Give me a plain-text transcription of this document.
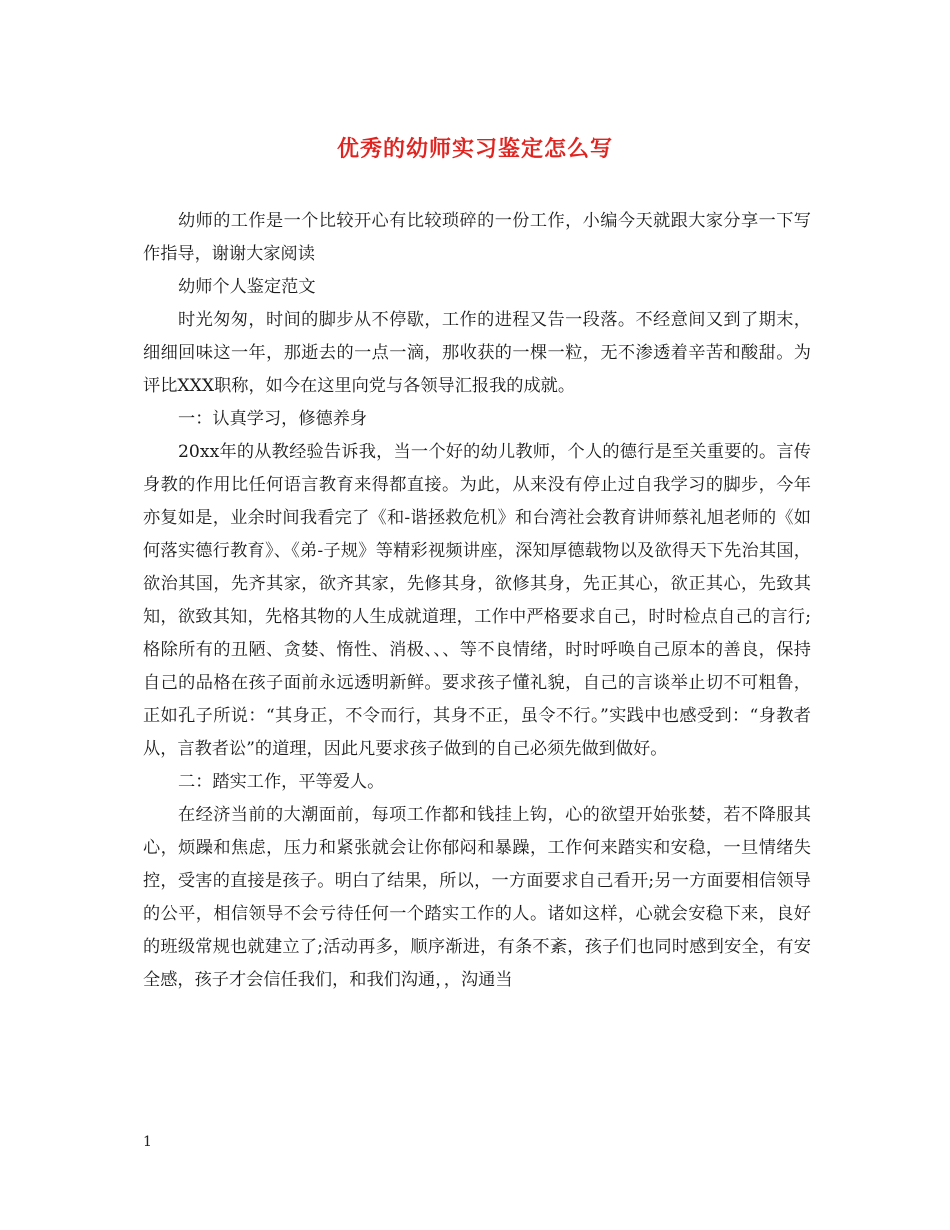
优秀的幼师实习鉴定怎么写

幼师的工作是一个比较开心有比较琐碎的一份工作，小编今天就跟大家分享一下写作指导，谢谢大家阅读

幼师个人鉴定范文

时光匆匆，时间的脚步从不停歇，工作的进程又告一段落。不经意间又到了期末，细细回味这一年，那逝去的一点一滴，那收获的一棵一粒，无不渗透着辛苦和酸甜。为评比XXX职称，如今在这里向党与各领导汇报我的成就。

一：认真学习，修德养身

20xx年的从教经验告诉我，当一个好的幼儿教师，个人的德行是至关重要的。言传身教的作用比任何语言教育来得都直接。为此，从来没有停止过自我学习的脚步，今年亦复如是，业余时间我看完了《和-谐拯救危机》和台湾社会教育讲师蔡礼旭老师的《如何落实德行教育》、《弟-子规》等精彩视频讲座，深知厚德载物以及欲得天下先治其国，欲治其国，先齐其家，欲齐其家，先修其身，欲修其身，先正其心，欲正其心，先致其知，欲致其知，先格其物的人生成就道理，工作中严格要求自己，时时检点自己的言行;格除所有的丑陋、贪婪、惰性、消极、、、等不良情绪，时时呼唤自己原本的善良，保持自己的品格在孩子面前永远透明新鲜。要求孩子懂礼貌，自己的言谈举止切不可粗鲁，正如孔子所说：“其身正，不令而行，其身不正，虽令不行。”实践中也感受到：“身教者从，言教者讼”的道理，因此凡要求孩子做到的自己必须先做到做好。

二：踏实工作，平等爱人。

在经济当前的大潮面前，每项工作都和钱挂上钩，心的欲望开始张婪，若不降服其心，烦躁和焦虑，压力和紧张就会让你郁闷和暴躁，工作何来踏实和安稳，一旦情绪失控，受害的直接是孩子。明白了结果，所以，一方面要求自己看开;另一方面要相信领导的公平，相信领导不会亏待任何一个踏实工作的人。诸如这样，心就会安稳下来，良好的班级常规也就建立了;活动再多，顺序渐进，有条不紊，孩子们也同时感到安全，有安全感，孩子才会信任我们，和我们沟通，，沟通当

1
